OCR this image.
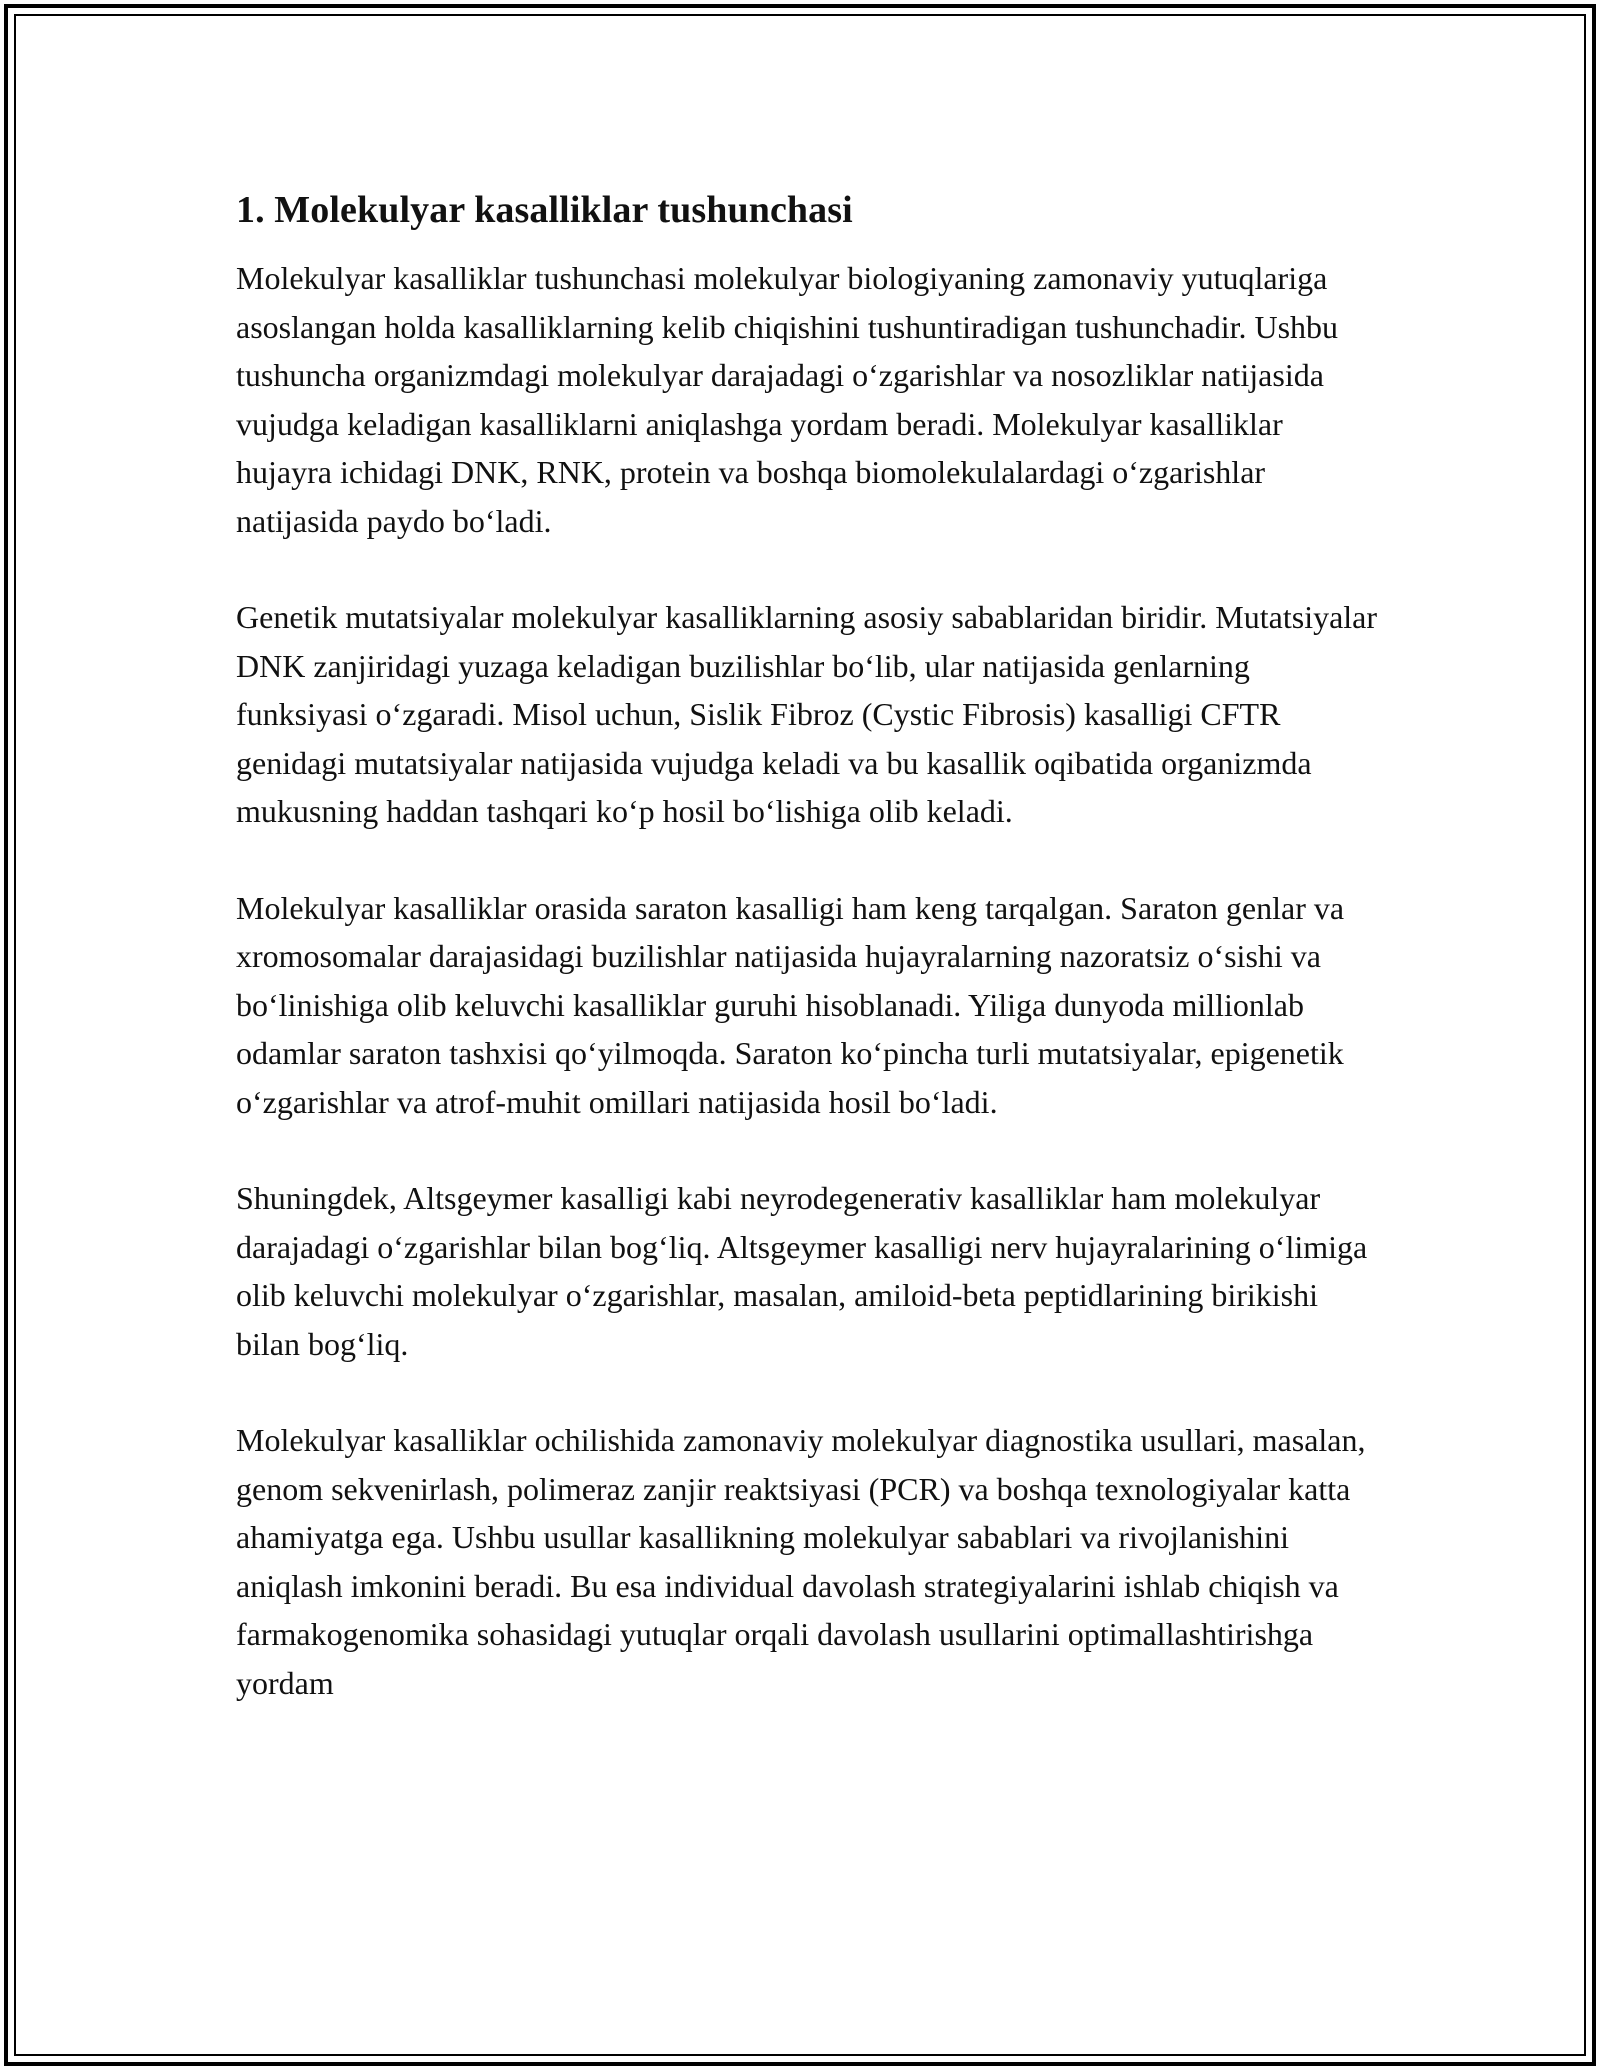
1. Molekulyar kasalliklar tushunchasi

Molekulyar kasalliklar tushunchasi molekulyar biologiyaning zamonaviy yutuqlariga asoslangan holda kasalliklarning kelib chiqishini tushuntiradigan tushunchadir. Ushbu tushuncha organizmdagi molekulyar darajadagi o‘zgarishlar va nosozliklar natijasida vujudga keladigan kasalliklarni aniqlashga yordam beradi. Molekulyar kasalliklar hujayra ichidagi DNK, RNK, protein va boshqa biomolekulalardagi o‘zgarishlar natijasida paydo bo‘ladi.

Genetik mutatsiyalar molekulyar kasalliklarning asosiy sabablaridan biridir. Mutatsiyalar DNK zanjiridagi yuzaga keladigan buzilishlar bo‘lib, ular natijasida genlarning funksiyasi o‘zgaradi. Misol uchun, Sislik Fibroz (Cystic Fibrosis) kasalligi CFTR genidagi mutatsiyalar natijasida vujudga keladi va bu kasallik oqibatida organizmda mukusning haddan tashqari ko‘p hosil bo‘lishiga olib keladi.

Molekulyar kasalliklar orasida saraton kasalligi ham keng tarqalgan. Saraton genlar va xromosomalar darajasidagi buzilishlar natijasida hujayralarning nazoratsiz o‘sishi va bo‘linishiga olib keluvchi kasalliklar guruhi hisoblanadi. Yiliga dunyoda millionlab odamlar saraton tashxisi qo‘yilmoqda. Saraton ko‘pincha turli mutatsiyalar, epigenetik o‘zgarishlar va atrof-muhit omillari natijasida hosil bo‘ladi.

Shuningdek, Altsgeymer kasalligi kabi neyrodegenerativ kasalliklar ham molekulyar darajadagi o‘zgarishlar bilan bog‘liq. Altsgeymer kasalligi nerv hujayralarining o‘limiga olib keluvchi molekulyar o‘zgarishlar, masalan, amiloid-beta peptidlarining birikishi bilan bog‘liq.

Molekulyar kasalliklar ochilishida zamonaviy molekulyar diagnostika usullari, masalan, genom sekvenirlash, polimeraz zanjir reaktsiyasi (PCR) va boshqa texnologiyalar katta ahamiyatga ega. Ushbu usullar kasallikning molekulyar sabablari va rivojlanishini aniqlash imkonini beradi. Bu esa individual davolash strategiyalarini ishlab chiqish va farmakogenomika sohasidagi yutuqlar orqali davolash usullarini optimallashtirishga yordam
